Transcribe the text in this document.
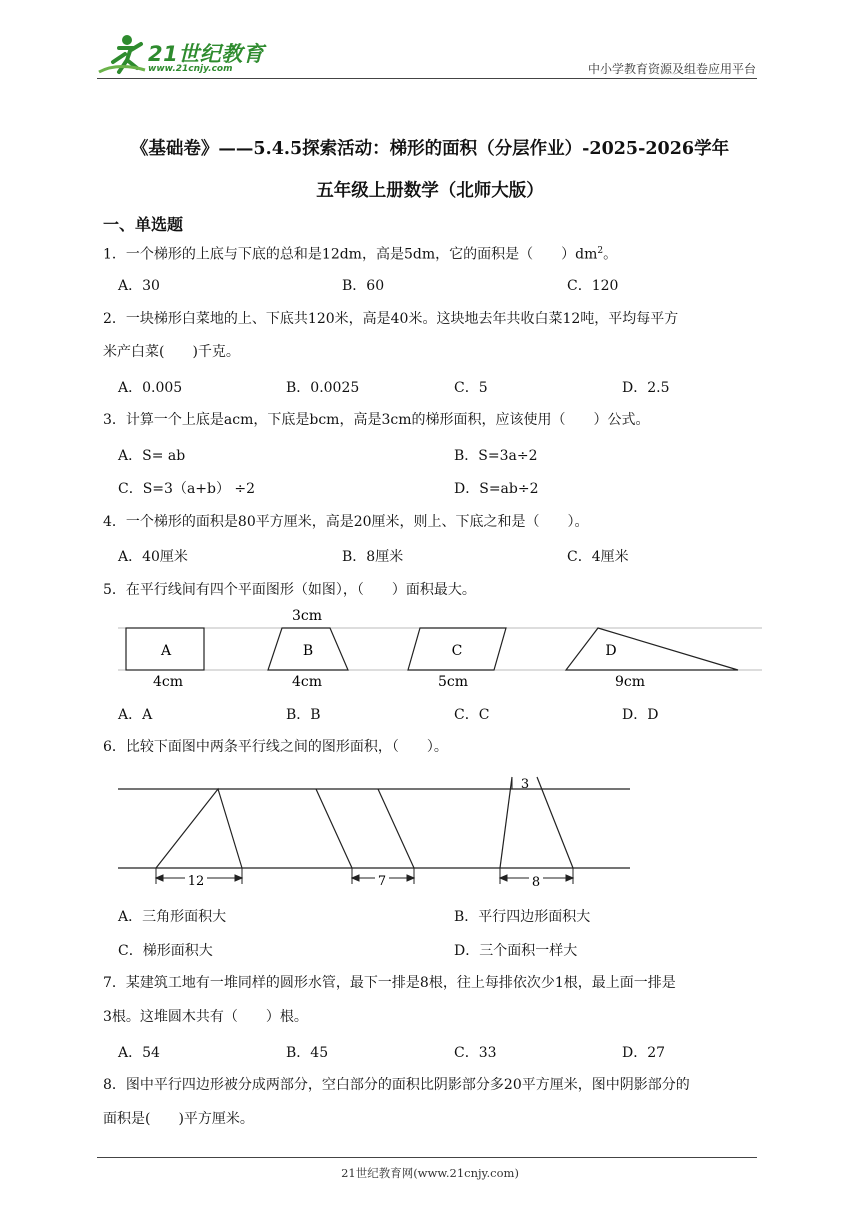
21世纪教育
www.21cnjy.com	中小学教育资源及组卷应用平台
《基础卷》——5.4.5探索活动：梯形的面积（分层作业）-2025-2026学年
五年级上册数学（北师大版）
一、单选题
1．一个梯形的上底与下底的总和是12dm，高是5dm，它的面积是（　　）$dm^2$。
A．30	B．60	C．120
2．一块梯形白菜地的上、下底共120米，高是40米。这块地去年共收白菜12吨，平均每平方
米产白菜(　　)千克。
A．0.005	B．0.0025	C．5	D．2.5
3．计算一个上底是acm，下底是bcm，高是3cm的梯形面积，应该使用（　　）公式。
A．S= ab	B．S=3a÷2
C．S=3（a+b） ÷2	D．S=ab÷2
4．一个梯形的面积是80平方厘米，高是20厘米，则上、下底之和是（　　）。
A．40厘米	B．8厘米	C．4厘米
5．在平行线间有四个平面图形（如图），（　　）面积最大。
3cm
A	B	C	D
4cm	4cm	5cm	9cm
A．A	B．B	C．C	D．D
6．比较下面图中两条平行线之间的图形面积，（　　）。
3
12	7	8
A．三角形面积大	B．平行四边形面积大
C．梯形面积大	D．三个面积一样大
7．某建筑工地有一堆同样的圆形水管，最下一排是8根，往上每排依次少1根，最上面一排是
3根。这堆圆木共有（　　）根。
A．54	B．45	C．33	D．27
8．图中平行四边形被分成两部分，空白部分的面积比阴影部分多20平方厘米，图中阴影部分的
面积是(　　)平方厘米。
21世纪教育网(www.21cnjy.com)
